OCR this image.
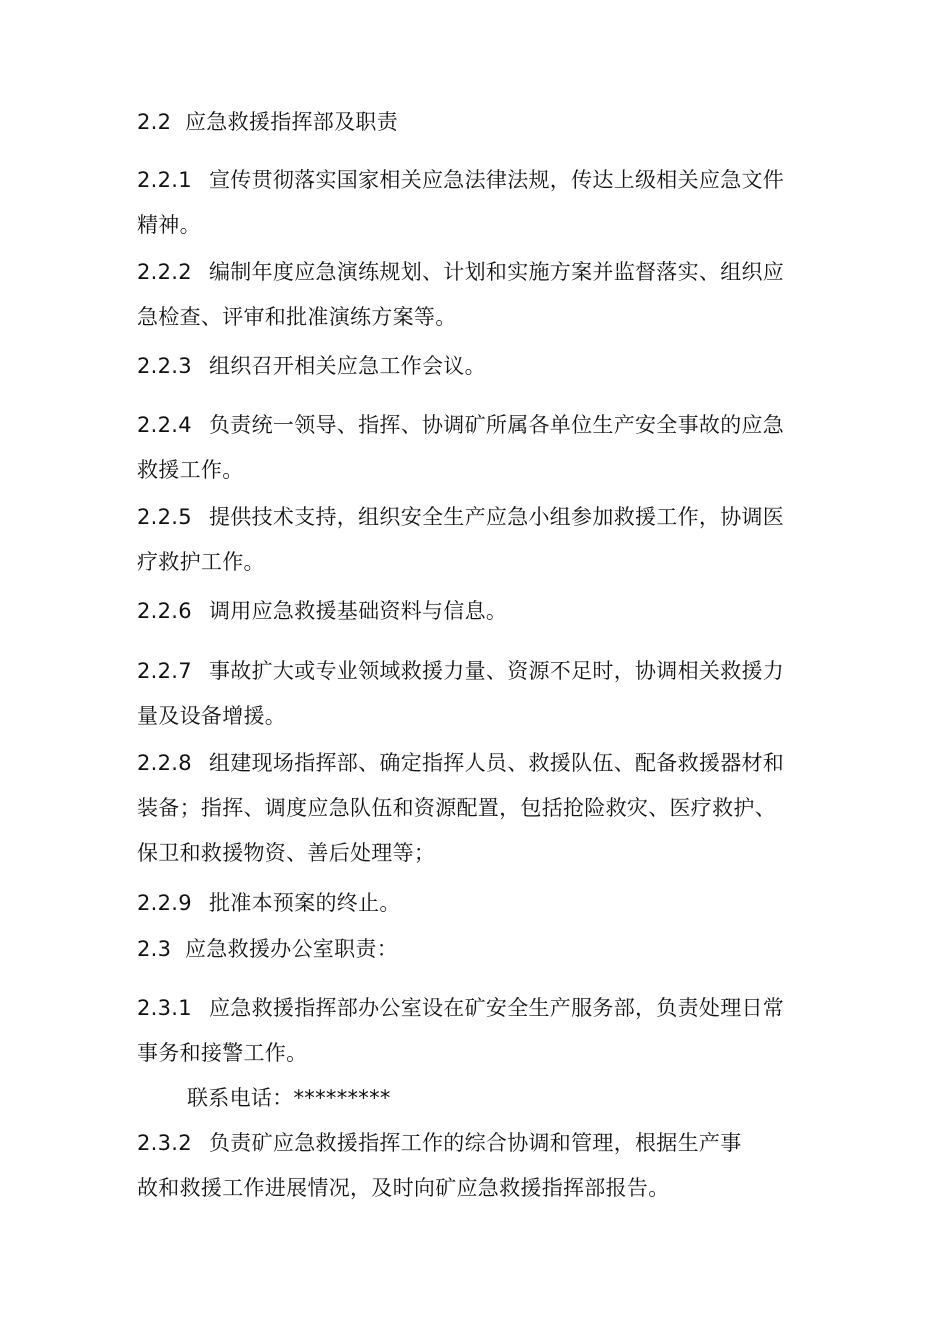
2.2 应急救援指挥部及职责

2.2.1 宣传贯彻落实国家相关应急法律法规，传达上级相关应急文件
精神。

2.2.2 编制年度应急演练规划、计划和实施方案并监督落实、组织应
急检查、评审和批准演练方案等。

2.2.3 组织召开相关应急工作会议。

2.2.4 负责统一领导、指挥、协调矿所属各单位生产安全事故的应急
救援工作。

2.2.5 提供技术支持，组织安全生产应急小组参加救援工作，协调医
疗救护工作。

2.2.6 调用应急救援基础资料与信息。

2.2.7 事故扩大或专业领域救援力量、资源不足时，协调相关救援力
量及设备增援。

2.2.8 组建现场指挥部、确定指挥人员、救援队伍、配备救援器材和
装备；指挥、调度应急队伍和资源配置，包括抢险救灾、医疗救护、
保卫和救援物资、善后处理等；

2.2.9 批准本预案的终止。

2.3 应急救援办公室职责：

2.3.1 应急救援指挥部办公室设在矿安全生产服务部，负责处理日常
事务和接警工作。

联系电话：*********

2.3.2 负责矿应急救援指挥工作的综合协调和管理，根据生产事
故和救援工作进展情况，及时向矿应急救援指挥部报告。
